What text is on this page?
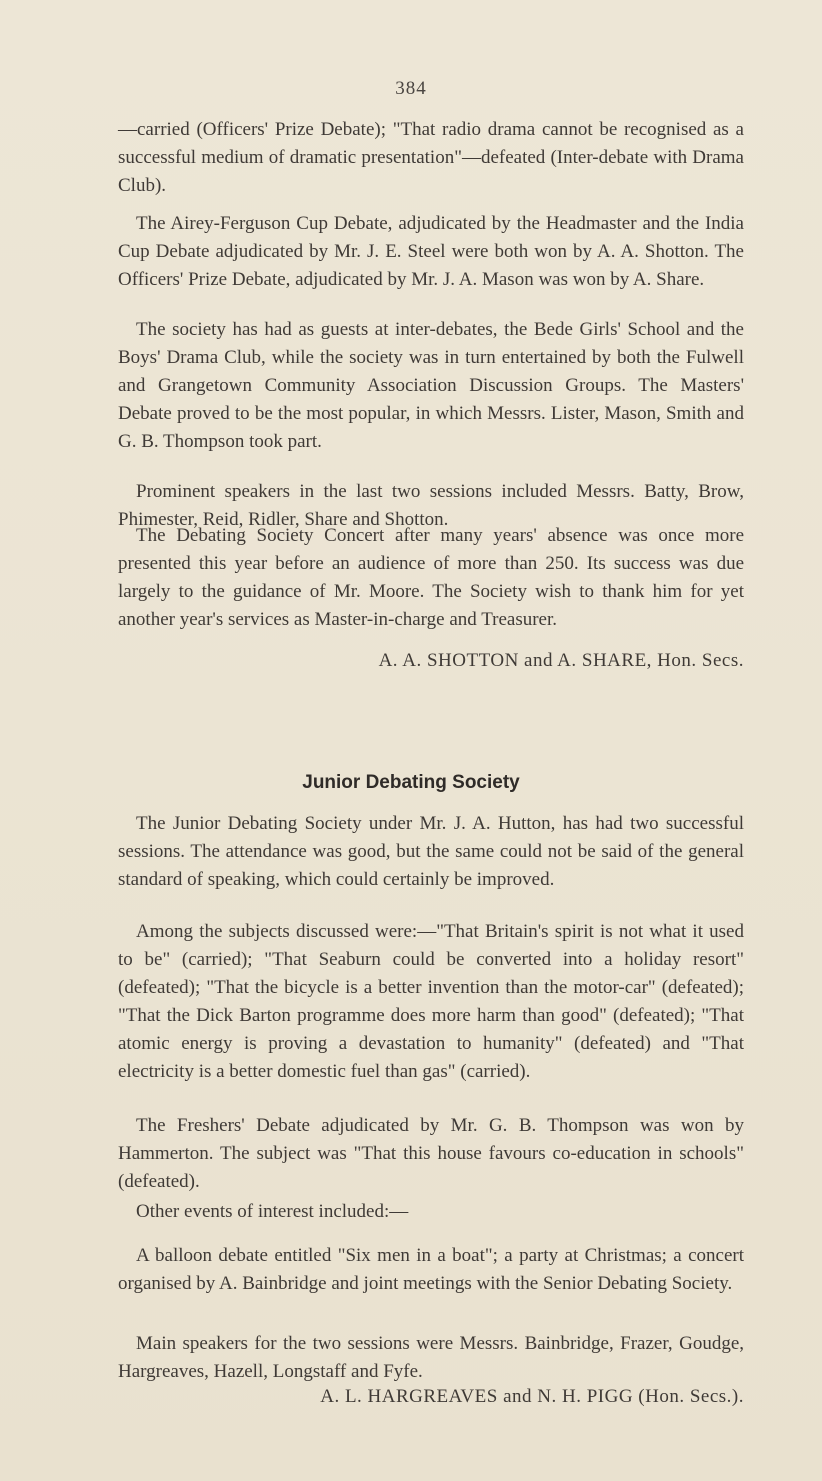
384

—carried (Officers' Prize Debate); "That radio drama cannot be recognised as a successful medium of dramatic presentation"—defeated (Inter-debate with Drama Club).

The Airey-Ferguson Cup Debate, adjudicated by the Headmaster and the India Cup Debate adjudicated by Mr. J. E. Steel were both won by A. A. Shotton. The Officers' Prize Debate, adjudicated by Mr. J. A. Mason was won by A. Share.

The society has had as guests at inter-debates, the Bede Girls' School and the Boys' Drama Club, while the society was in turn entertained by both the Fulwell and Grangetown Community Association Discussion Groups. The Masters' Debate proved to be the most popular, in which Messrs. Lister, Mason, Smith and G. B. Thompson took part.

Prominent speakers in the last two sessions included Messrs. Batty, Brow, Phimester, Reid, Ridler, Share and Shotton.

The Debating Society Concert after many years' absence was once more presented this year before an audience of more than 250. Its success was due largely to the guidance of Mr. Moore. The Society wish to thank him for yet another year's services as Master-in-charge and Treasurer.

A. A. SHOTTON and A. SHARE, Hon. Secs.
Junior Debating Society

The Junior Debating Society under Mr. J. A. Hutton, has had two successful sessions. The attendance was good, but the same could not be said of the general standard of speaking, which could certainly be improved.

Among the subjects discussed were:—"That Britain's spirit is not what it used to be" (carried); "That Seaburn could be converted into a holiday resort" (defeated); "That the bicycle is a better invention than the motor-car" (defeated); "That the Dick Barton programme does more harm than good" (defeated); "That atomic energy is proving a devastation to humanity" (defeated) and "That electricity is a better domestic fuel than gas" (carried).

The Freshers' Debate adjudicated by Mr. G. B. Thompson was won by Hammerton. The subject was "That this house favours co-education in schools" (defeated).

Other events of interest included:—

A balloon debate entitled "Six men in a boat"; a party at Christmas; a concert organised by A. Bainbridge and joint meetings with the Senior Debating Society.

Main speakers for the two sessions were Messrs. Bainbridge, Frazer, Goudge, Hargreaves, Hazell, Longstaff and Fyfe.

A. L. HARGREAVES and N. H. PIGG (Hon. Secs.).
